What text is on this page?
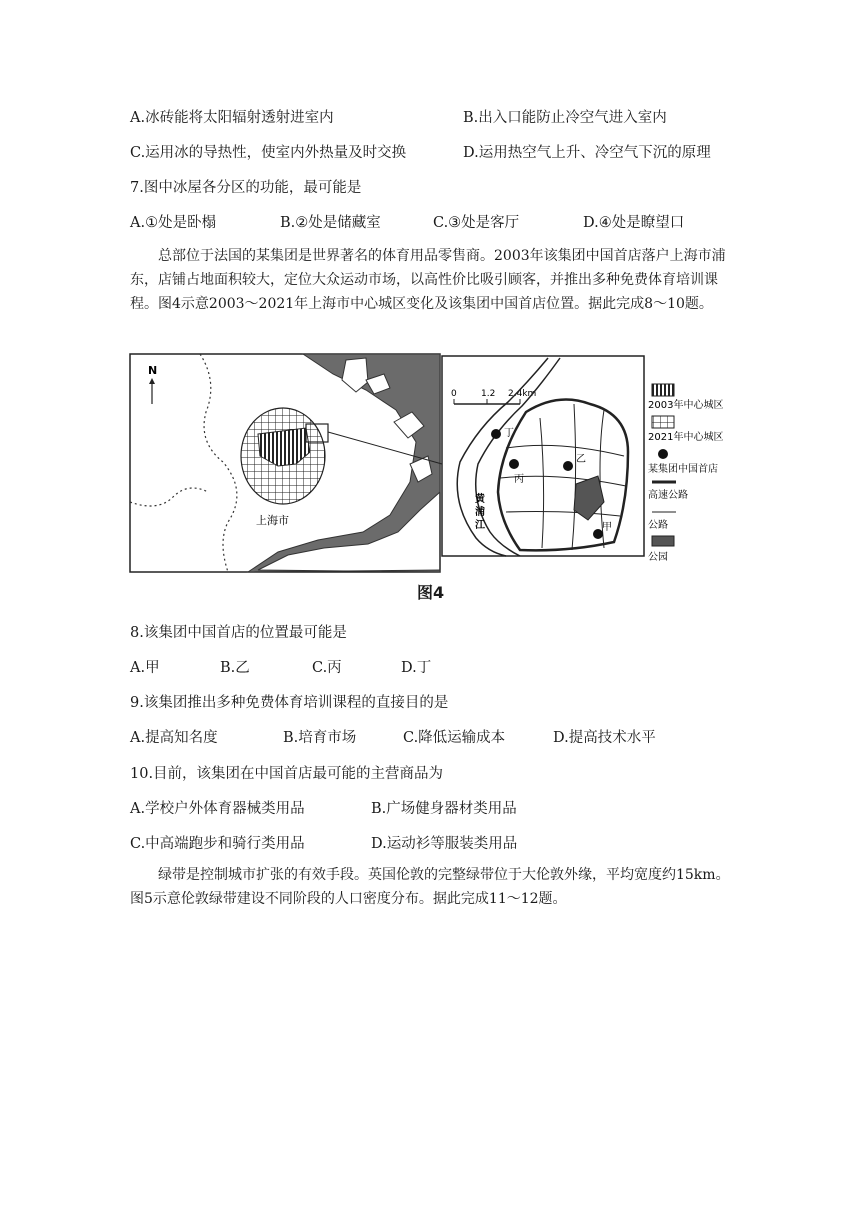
A.冰砖能将太阳辐射透射进室内	B.出入口能防止冷空气进入室内
C.运用冰的导热性，使室内外热量及时交换	D.运用热空气上升、冷空气下沉的原理
7.图中冰屋各分区的功能，最可能是
A.①处是卧榻	B.②处是储藏室	C.③处是客厅	D.④处是瞭望口
总部位于法国的某集团是世界著名的体育用品零售商。2003年该集团中国首店落户上海市浦东，店铺占地面积较大，定位大众运动市场，以高性价比吸引顾客，并推出多种免费体育培训课程。图4示意2003～2021年上海市中心城区变化及该集团中国首店位置。据此完成8～10题。
N
上海市
0	1.2 2.4km
黄
浦
江
丁
丙
乙
甲
2003年中心城区
2021年中心城区
某集团中国首店
高速公路
公路
公园
图4
8.该集团中国首店的位置最可能是
A.甲	B.乙	C.丙	D.丁
9.该集团推出多种免费体育培训课程的直接目的是
A.提高知名度	B.培育市场	C.降低运输成本	D.提高技术水平
10.目前，该集团在中国首店最可能的主营商品为
A.学校户外体育器械类用品	B.广场健身器材类用品
C.中高端跑步和骑行类用品	D.运动衫等服装类用品
绿带是控制城市扩张的有效手段。英国伦敦的完整绿带位于大伦敦外缘，平均宽度约15km。图5示意伦敦绿带建设不同阶段的人口密度分布。据此完成11～12题。
